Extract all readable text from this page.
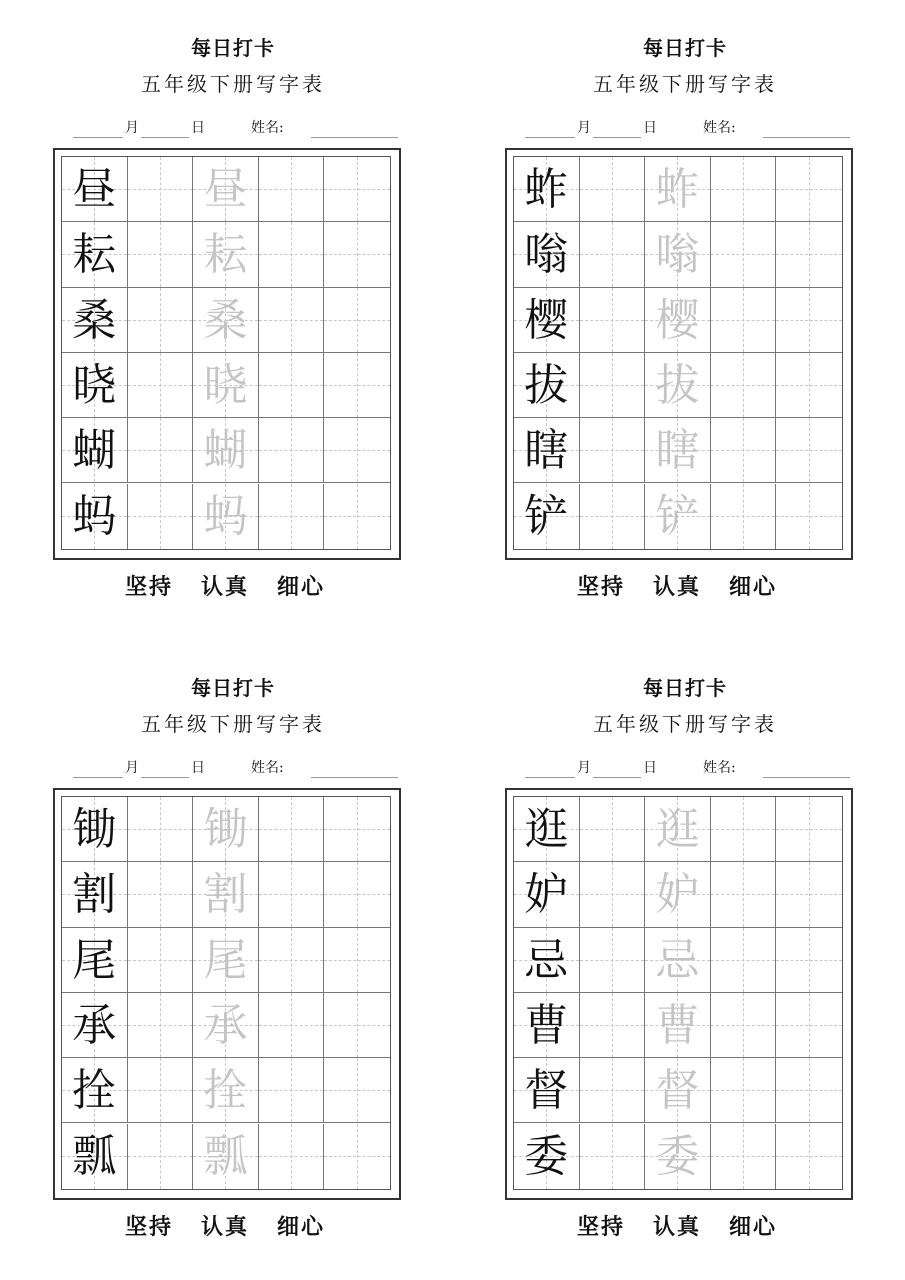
每日打卡
五年级下册写字表
月	日	姓名:
昼 昼
耘 耘
桑 桑
晓 晓
蝴 蝴
蚂 蚂
坚持 认真 细心
每日打卡
五年级下册写字表
月	日	姓名:
蚱 蚱
嗡 嗡
樱 樱
拔 拔
瞎 瞎
铲 铲
坚持 认真 细心
每日打卡
五年级下册写字表
月	日	姓名:
锄 锄
割 割
尾 尾
承 承
拴 拴
瓢 瓢
坚持 认真 细心
每日打卡
五年级下册写字表
月	日	姓名:
逛 逛
妒 妒
忌 忌
曹 曹
督 督
委 委
坚持 认真 细心
